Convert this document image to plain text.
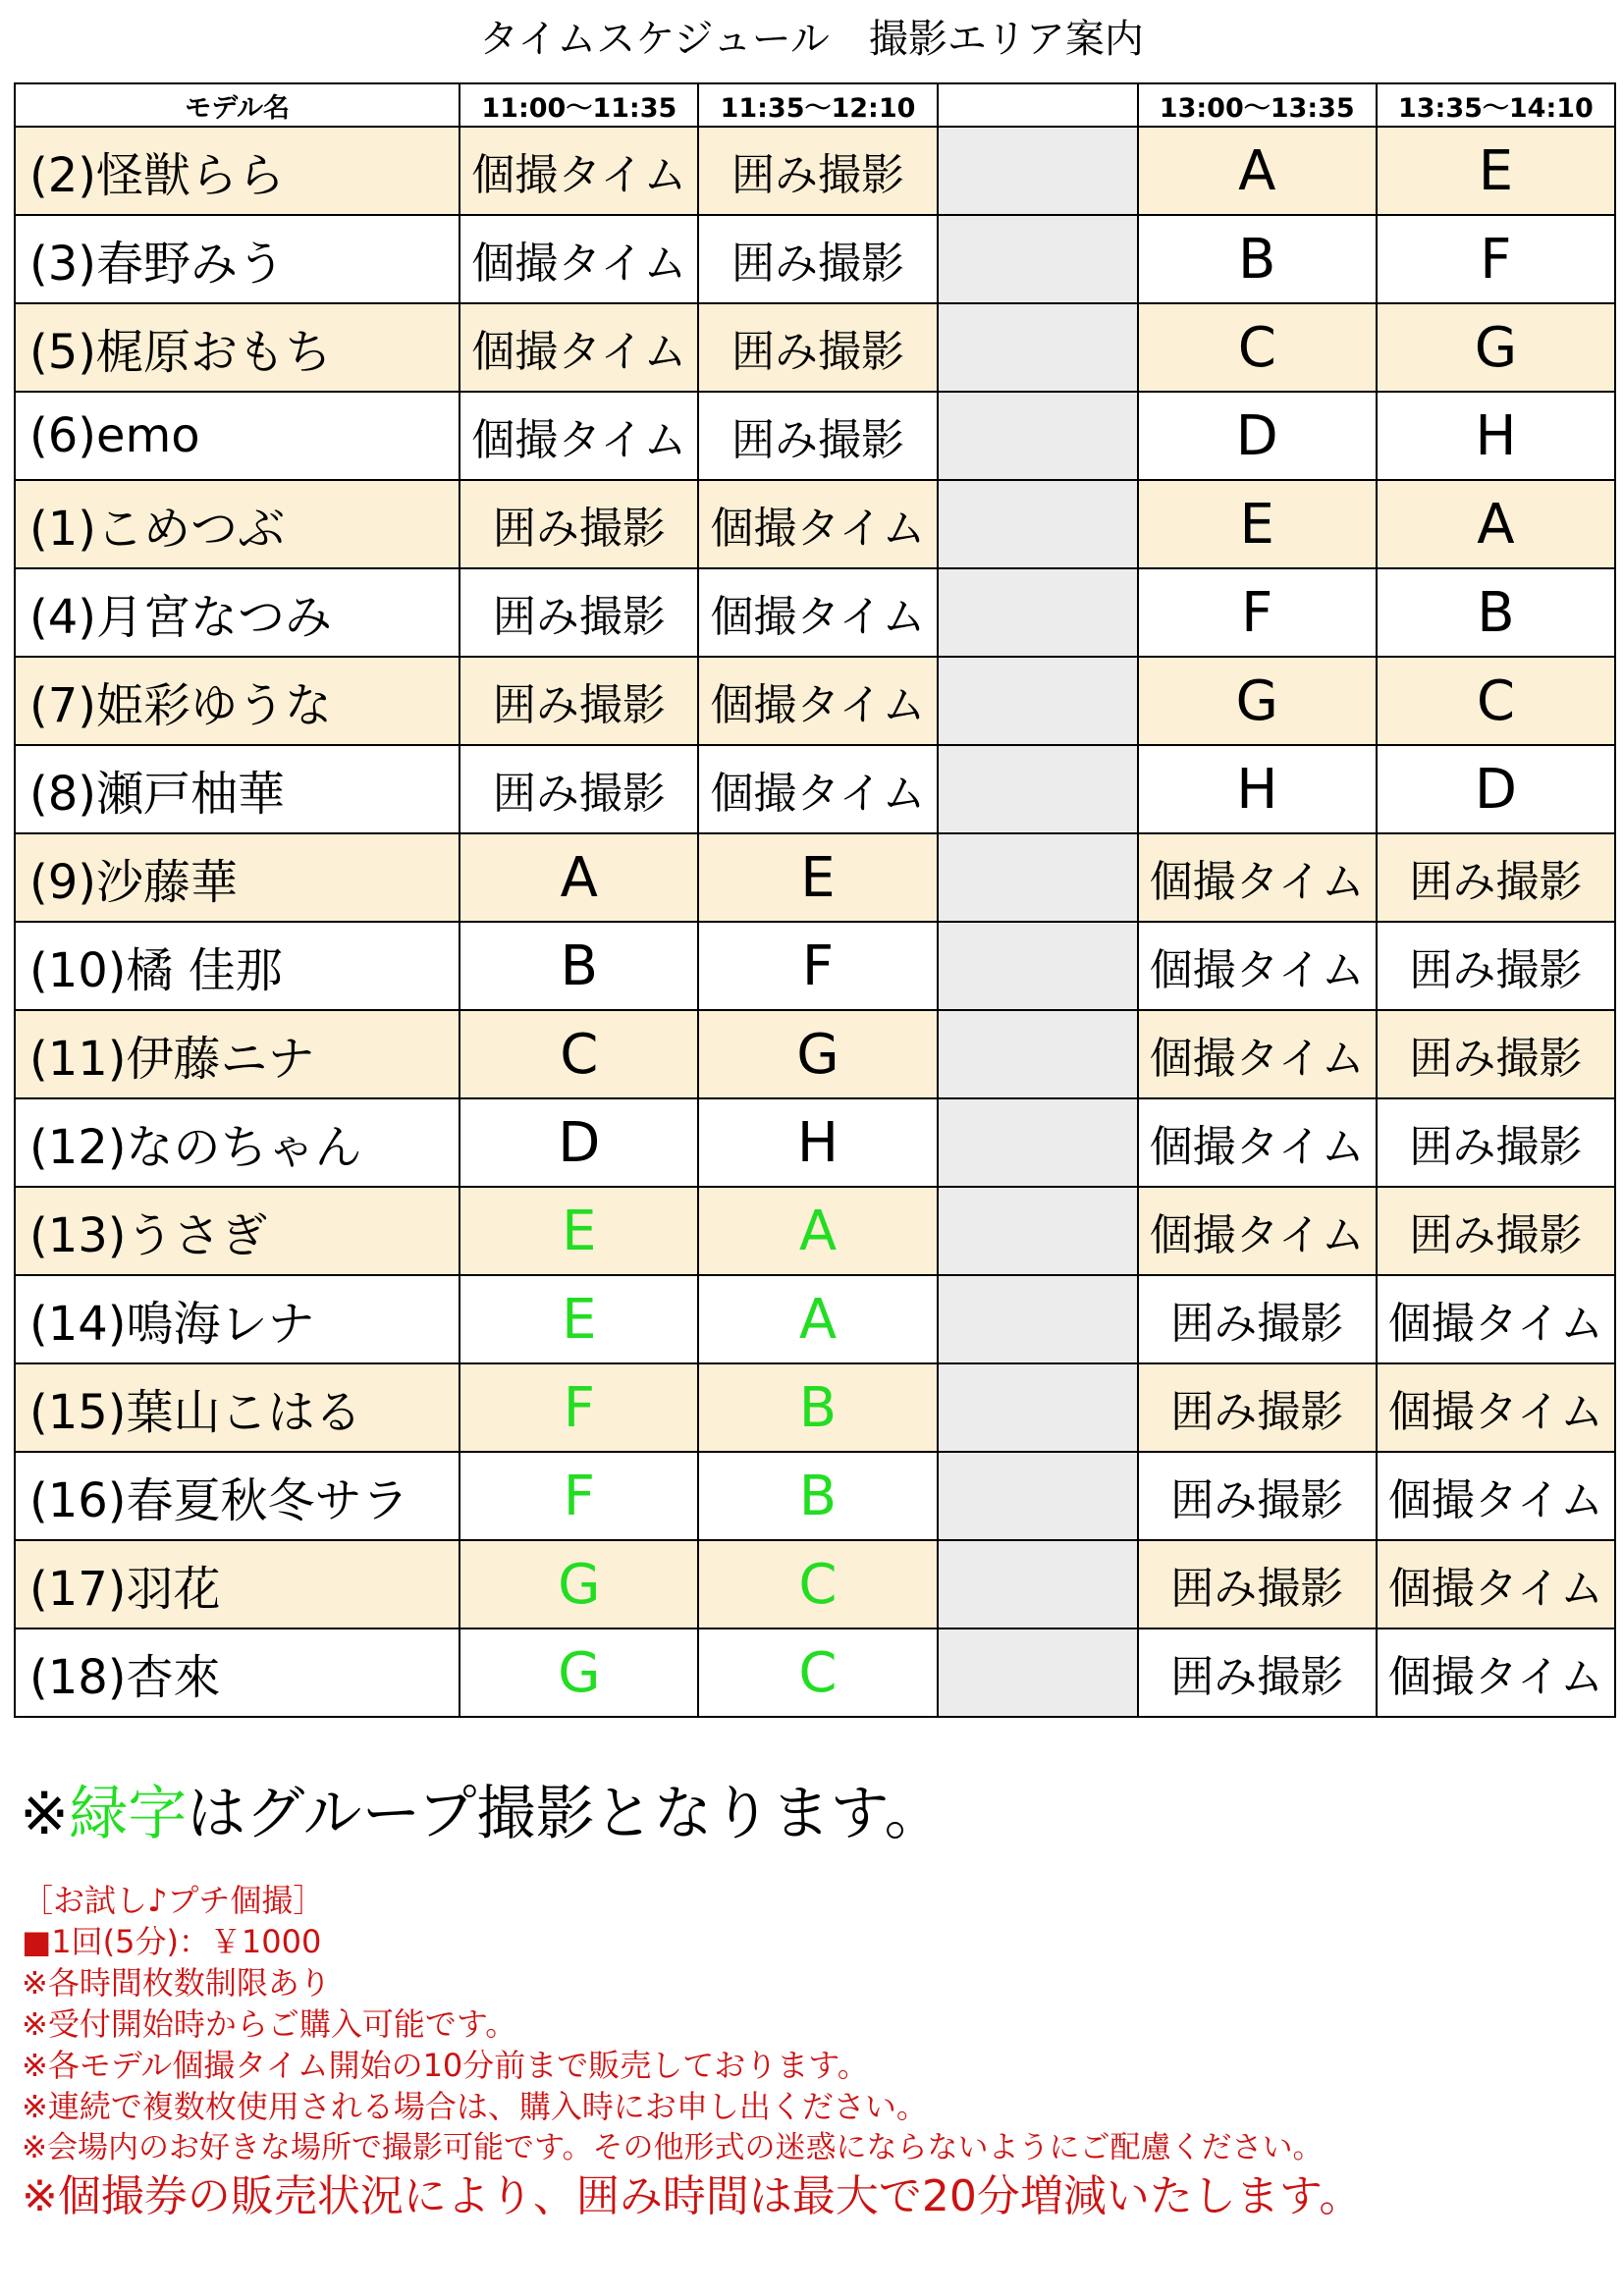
タイムスケジュール　撮影エリア案内
モデル名	11:00～11:35	11:35～12:10		13:00～13:35	13:35～14:10
(2)怪獣らら	個撮タイム	囲み撮影		A	E
(3)春野みう	個撮タイム	囲み撮影		B	F
(5)梶原おもち	個撮タイム	囲み撮影		C	G
(6)emo	個撮タイム	囲み撮影		D	H
(1)こめつぶ	囲み撮影	個撮タイム		E	A
(4)月宮なつみ	囲み撮影	個撮タイム		F	B
(7)姫彩ゆうな	囲み撮影	個撮タイム		G	C
(8)瀬戸柚華	囲み撮影	個撮タイム		H	D
(9)沙藤華	A	E		個撮タイム	囲み撮影
(10)橘 佳那	B	F		個撮タイム	囲み撮影
(11)伊藤ニナ	C	G		個撮タイム	囲み撮影
(12)なのちゃん	D	H		個撮タイム	囲み撮影
(13)うさぎ	E	A		個撮タイム	囲み撮影
(14)鳴海レナ	E	A		囲み撮影	個撮タイム
(15)葉山こはる	F	B		囲み撮影	個撮タイム
(16)春夏秋冬サラ	F	B		囲み撮影	個撮タイム
(17)羽花	G	C		囲み撮影	個撮タイム
(18)杏來	G	C		囲み撮影	個撮タイム
※緑字はグループ撮影となります。
［お試し♪プチ個撮］
■1回(5分)：￥1000
※各時間枚数制限あり
※受付開始時からご購入可能です。
※各モデル個撮タイム開始の10分前まで販売しております。
※連続で複数枚使用される場合は、購入時にお申し出ください。
※会場内のお好きな場所で撮影可能です。その他形式の迷惑にならないようにご配慮ください。
※個撮券の販売状況により、囲み時間は最大で20分増減いたします。
